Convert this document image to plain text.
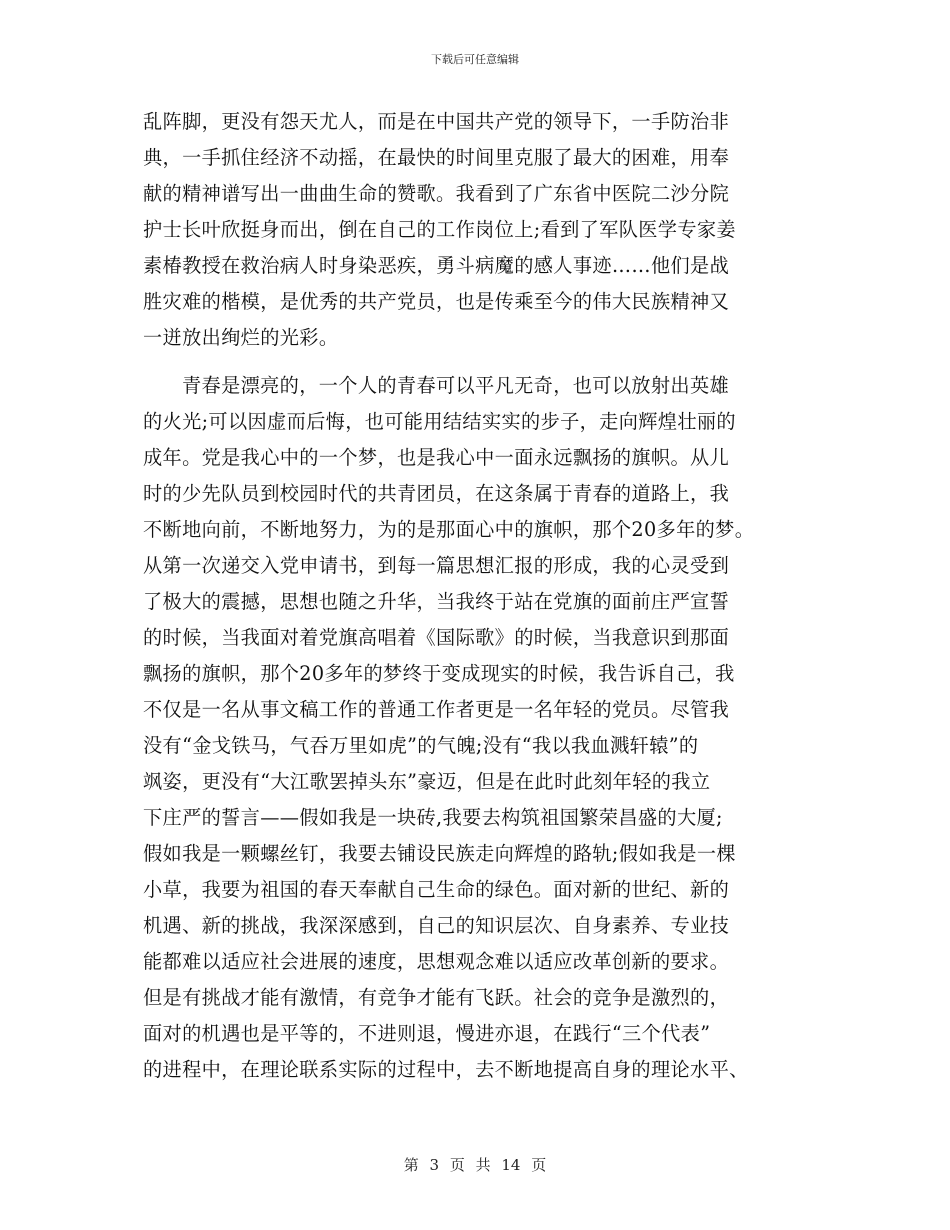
下载后可任意编辑
乱阵脚，更没有怨天尤人，而是在中国共产党的领导下，一手防治非
典，一手抓住经济不动摇，在最快的时间里克服了最大的困难，用奉
献的精神谱写出一曲曲生命的赞歌。我看到了广东省中医院二沙分院
护士长叶欣挺身而出，倒在自己的工作岗位上;看到了军队医学专家姜
素椿教授在救治病人时身染恶疾，勇斗病魔的感人事迹……他们是战
胜灾难的楷模，是优秀的共产党员，也是传乘至今的伟大民族精神又
一迸放出绚烂的光彩。
青春是漂亮的，一个人的青春可以平凡无奇，也可以放射出英雄
的火光;可以因虚而后悔，也可能用结结实实的步子，走向辉煌壮丽的
成年。党是我心中的一个梦，也是我心中一面永远飘扬的旗帜。从儿
时的少先队员到校园时代的共青团员，在这条属于青春的道路上，我
不断地向前，不断地努力，为的是那面心中的旗帜，那个20多年的梦。
从第一次递交入党申请书，到每一篇思想汇报的形成，我的心灵受到
了极大的震撼，思想也随之升华，当我终于站在党旗的面前庄严宣誓
的时候，当我面对着党旗高唱着《国际歌》的时候，当我意识到那面
飘扬的旗帜，那个20多年的梦终于变成现实的时候，我告诉自己，我
不仅是一名从事文稿工作的普通工作者更是一名年轻的党员。尽管我
没有“金戈铁马，气吞万里如虎”的气魄;没有“我以我血溅轩辕”的
飒姿，更没有“大江歌罢掉头东”豪迈，但是在此时此刻年轻的我立
下庄严的誓言——假如我是一块砖,我要去构筑祖国繁荣昌盛的大厦;
假如我是一颗螺丝钉，我要去铺设民族走向辉煌的路轨;假如我是一棵
小草，我要为祖国的春天奉献自己生命的绿色。面对新的世纪、新的
机遇、新的挑战，我深深感到，自己的知识层次、自身素养、专业技
能都难以适应社会进展的速度，思想观念难以适应改革创新的要求。
但是有挑战才能有激情，有竞争才能有飞跃。社会的竞争是激烈的，
面对的机遇也是平等的，不进则退，慢进亦退，在践行“三个代表”
的进程中，在理论联系实际的过程中，去不断地提高自身的理论水平、
第 3 页 共 14 页
